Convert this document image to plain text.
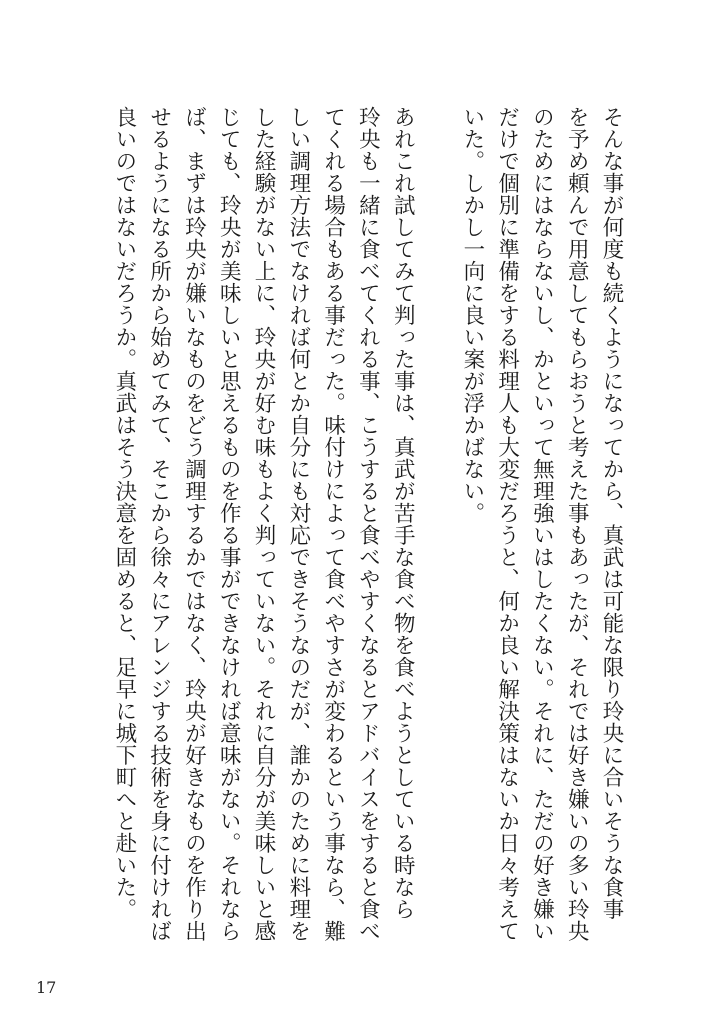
そんな事が何度も続くようになってから、真武は可能な限り玲央に合いそうな食事
を予め頼んで用意してもらおうと考えた事もあったが、それでは好き嫌いの多い玲央
のためにはならないし、かといって無理強いはしたくない。それに、ただの好き嫌い
だけで個別に準備をする料理人も大変だろうと、何か良い解決策はないか日々考えて
いた。しかし一向に良い案が浮かばない。
あれこれ試してみて判った事は、真武が苦手な食べ物を食べようとしている時なら
玲央も一緒に食べてくれる事、こうすると食べやすくなるとアドバイスをすると食べ
てくれる場合もある事だった。味付けによって食べやすさが変わるという事なら、難
しい調理方法でなければ何とか自分にも対応できそうなのだが、誰かのために料理を
した経験がない上に、玲央が好む味もよく判っていない。それに自分が美味しいと感
じても、玲央が美味しいと思えるものを作る事ができなければ意味がない。それなら
ば、まずは玲央が嫌いなものをどう調理するかではなく、玲央が好きなものを作り出
せるようになる所から始めてみて、そこから徐々にアレンジする技術を身に付ければ
良いのではないだろうか。真武はそう決意を固めると、足早に城下町へと赴いた。
17
